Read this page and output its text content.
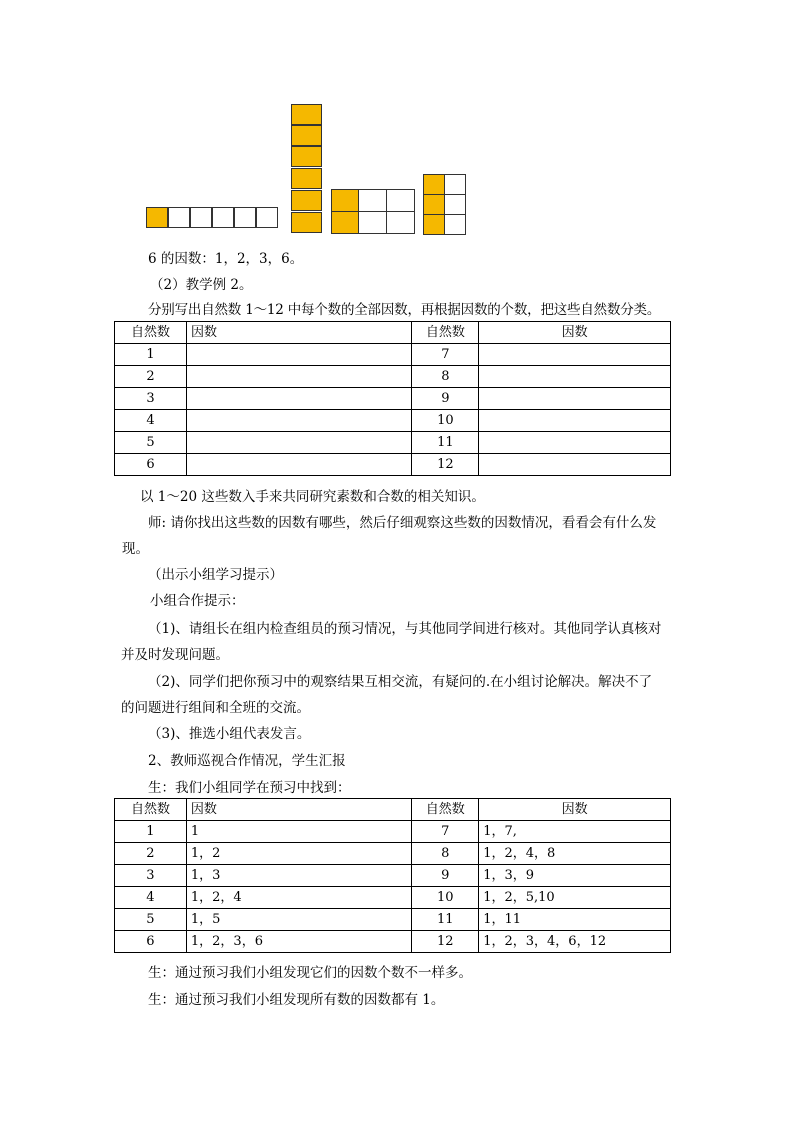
6 的因数：1，2，3，6。
（2）教学例 2。
分别写出自然数 1～12 中每个数的全部因数，再根据因数的个数，把这些自然数分类。
自然数	因数	自然数	因数
1		7	
2		8	
3		9	
4		10	
5		11	
6		12	
以 1～20 这些数入手来共同研究素数和合数的相关知识。
师: 请你找出这些数的因数有哪些，然后仔细观察这些数的因数情况，看看会有什么发
现。
（出示小组学习提示）
小组合作提示：
（1)、请组长在组内检查组员的预习情况，与其他同学间进行核对。其他同学认真核对
并及时发现问题。
（2)、同学们把你预习中的观察结果互相交流，有疑问的.在小组讨论解决。解决不了
的问题进行组间和全班的交流。
（3)、推选小组代表发言。
2、教师巡视合作情况，学生汇报
生：我们小组同学在预习中找到：
自然数	因数	自然数	因数
1	1	7	1，7,
2	1，2	8	1，2，4，8
3	1，3	9	1，3，9
4	1，2，4	10	1，2，5,10
5	1，5	11	1，11
6	1，2，3，6	12	1，2，3，4，6，12
生：通过预习我们小组发现它们的因数个数不一样多。
生：通过预习我们小组发现所有数的因数都有 1。
